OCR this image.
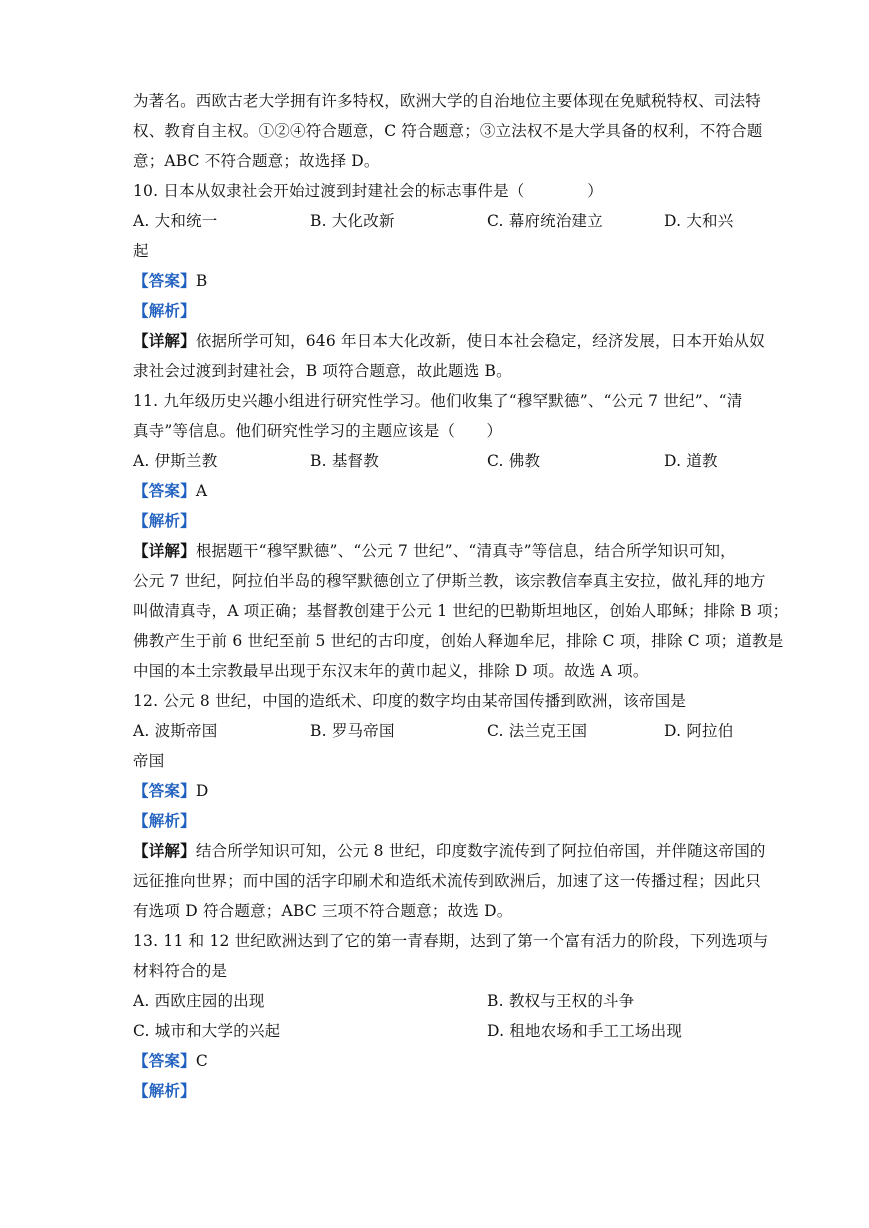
为著名。西欧古老大学拥有许多特权，欧洲大学的自治地位主要体现在免赋税特权、司法特
权、教育自主权。①②④符合题意，C 符合题意；③立法权不是大学具备的权利，不符合题
意；ABC 不符合题意；故选择 D。
10. 日本从奴隶社会开始过渡到封建社会的标志事件是（　　　　）
A. 大和统一	B. 大化改新	C. 幕府统治建立	D. 大和兴
起
【答案】B
【解析】
【详解】依据所学可知，646 年日本大化改新，使日本社会稳定，经济发展，日本开始从奴
隶社会过渡到封建社会，B 项符合题意，故此题选 B。
11. 九年级历史兴趣小组进行研究性学习。他们收集了“穆罕默德”、“公元 7 世纪”、“清
真寺”等信息。他们研究性学习的主题应该是（　　）
A. 伊斯兰教	B. 基督教	C. 佛教	D. 道教
【答案】A
【解析】
【详解】根据题干“穆罕默德”、“公元 7 世纪”、“清真寺”等信息，结合所学知识可知，
公元 7 世纪，阿拉伯半岛的穆罕默德创立了伊斯兰教，该宗教信奉真主安拉，做礼拜的地方
叫做清真寺，A 项正确；基督教创建于公元 1 世纪的巴勒斯坦地区，创始人耶稣；排除 B 项；
佛教产生于前 6 世纪至前 5 世纪的古印度，创始人释迦牟尼，排除 C 项，排除 C 项；道教是
中国的本土宗教最早出现于东汉末年的黄巾起义，排除 D 项。故选 A 项。
12. 公元 8 世纪，中国的造纸术、印度的数字均由某帝国传播到欧洲，该帝国是
A. 波斯帝国	B. 罗马帝国	C. 法兰克王国	D. 阿拉伯
帝国
【答案】D
【解析】
【详解】结合所学知识可知，公元 8 世纪，印度数字流传到了阿拉伯帝国，并伴随这帝国的
远征推向世界；而中国的活字印刷术和造纸术流传到欧洲后，加速了这一传播过程；因此只
有选项 D 符合题意；ABC 三项不符合题意；故选 D。
13. 11 和 12 世纪欧洲达到了它的第一青春期，达到了第一个富有活力的阶段，下列选项与
材料符合的是
A. 西欧庄园的出现	B. 教权与王权的斗争
C. 城市和大学的兴起	D. 租地农场和手工工场出现
【答案】C
【解析】
